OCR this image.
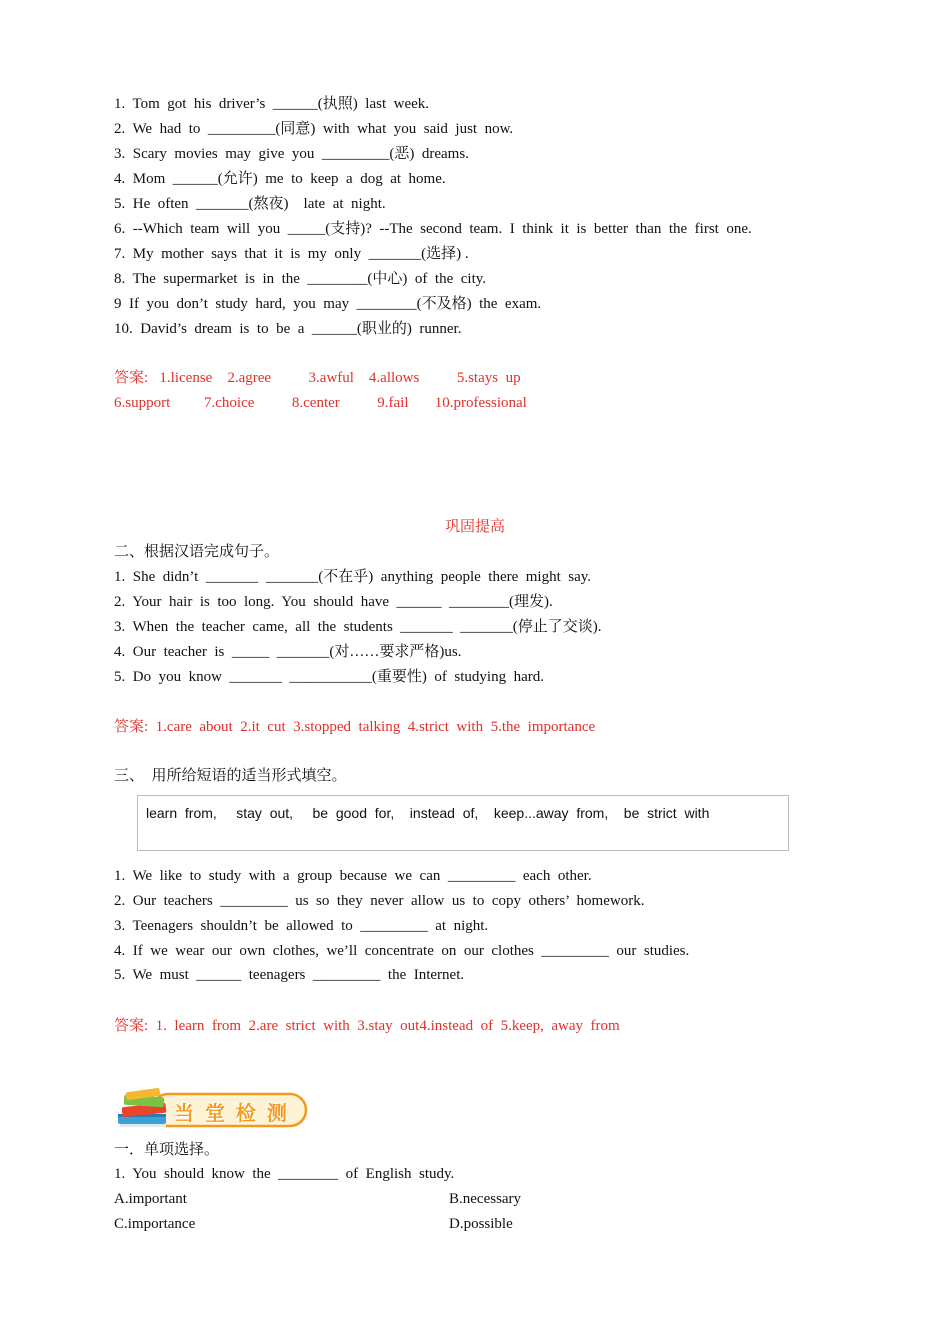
1.  Tom  got  his  driver’s  ______(执照)  last  week.
2.  We  had  to  _________(同意)  with  what  you  said  just  now.
3.  Scary  movies  may  give  you  _________(恶)  dreams.
4.  Mom  ______(允许)  me  to  keep  a  dog  at  home.
5.  He  often  _______(熬夜)    late  at  night.
6.  --Which  team  will  you  _____(支持)?  --The  second  team.  I  think  it  is  better  than  the  first  one.
7.  My  mother  says  that  it  is  my  only  _______(选择) .
8.  The  supermarket  is  in  the  ________(中心)  of  the  city.
9  If  you  don’t  study  hard,  you  may  ________(不及格)  the  exam.
10.  David’s  dream  is  to  be  a  ______(职业的)  runner.
答案:   1.license    2.agree          3.awful    4.allows          5.stays  up
6.support         7.choice          8.center          9.fail       10.professional
巩固提高
二、根据汉语完成句子。
1.  She  didn’t  _______  _______(不在乎)  anything  people  there  might  say.
2.  Your  hair  is  too  long.  You  should  have  ______  ________(理发).
3.  When  the  teacher  came,  all  the  students  _______  _______(停止了交谈).
4.  Our  teacher  is  _____  _______(对……要求严格)us.
5.  Do  you  know  _______  ___________(重要性)  of  studying  hard.
答案:  1.care  about  2.it  cut  3.stopped  talking  4.strict  with  5.the  importance
三、  用所给短语的适当形式填空。
learn  from,     stay  out,     be  good  for,    instead  of,    keep...away  from,    be  strict  with
1.  We  like  to  study  with  a  group  because  we  can  _________  each  other.
2.  Our  teachers  _________  us  so  they  never  allow  us  to  copy  others’  homework.
3.  Teenagers  shouldn’t  be  allowed  to  _________  at  night.
4.  If  we  wear  our  own  clothes,  we’ll  concentrate  on  our  clothes  _________  our  studies.
5.  We  must  ______  teenagers  _________  the  Internet.
答案:  1.  learn  from  2.are  strict  with  3.stay  out4.instead  of  5.keep,  away  from
当 堂 检 测
一．单项选择。
1.  You  should  know  the  ________  of  English  study.
A.important	B.necessary
C.importance	D.possible
